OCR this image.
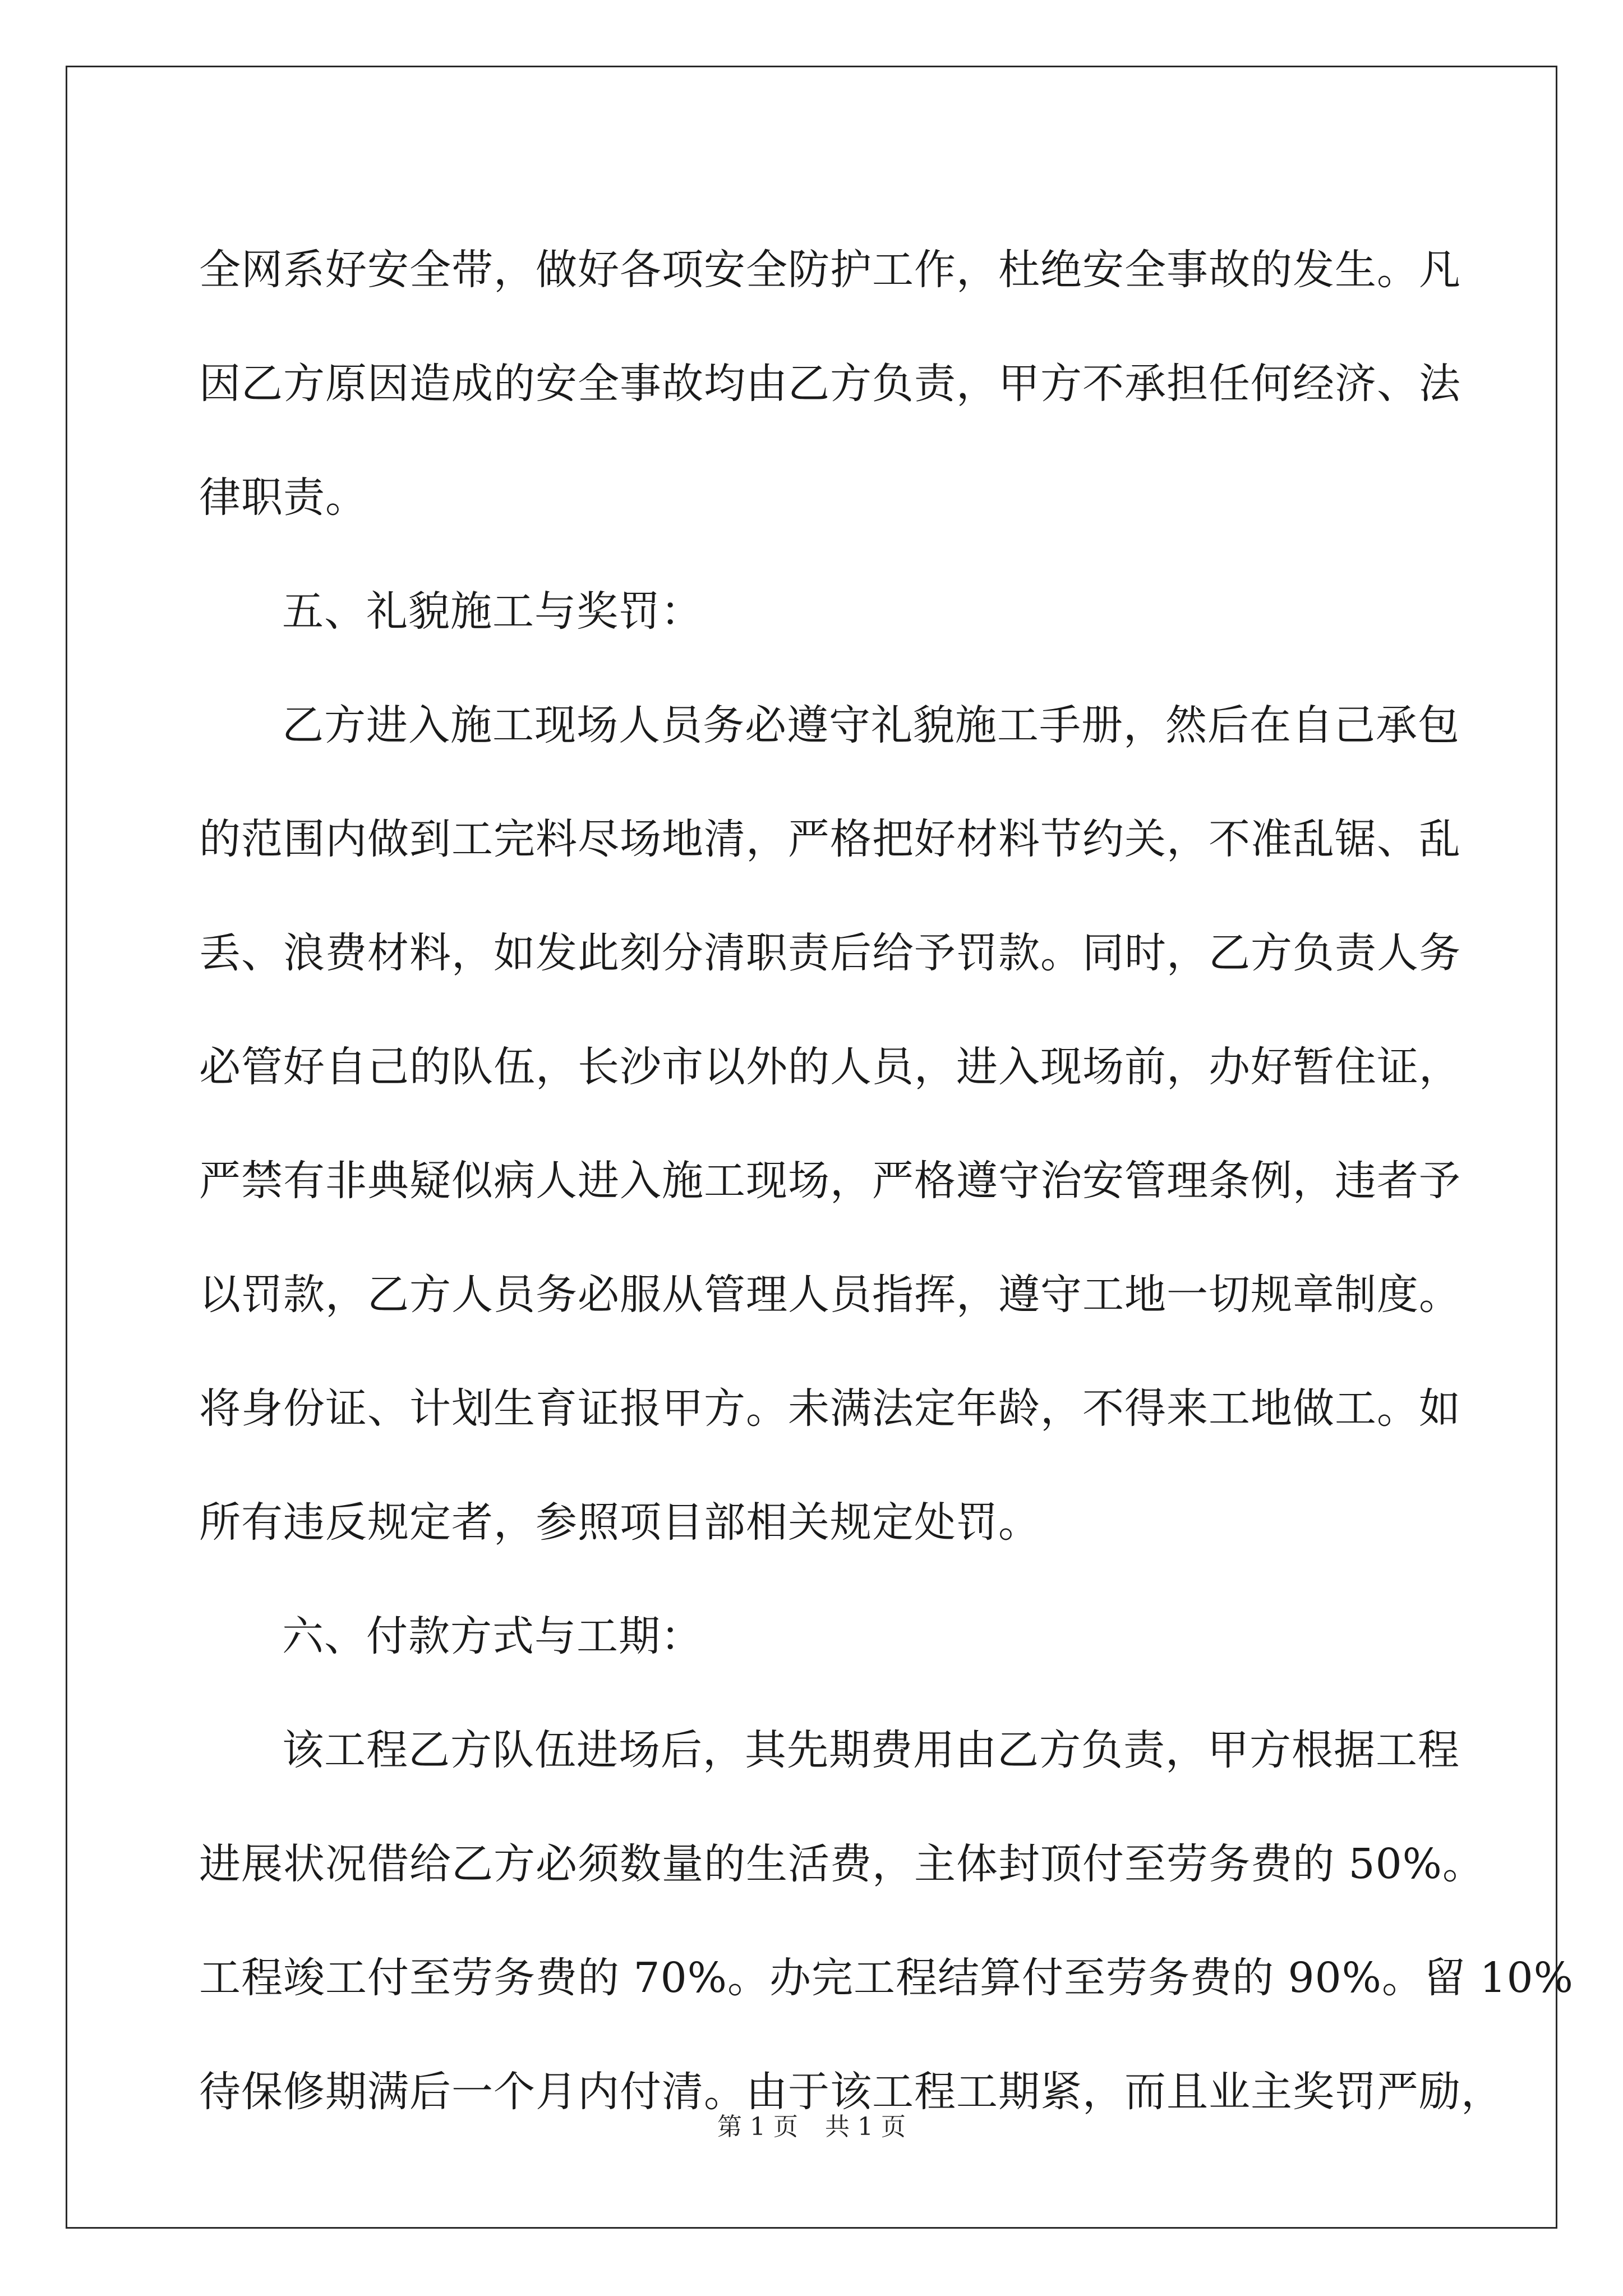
全网系好安全带，做好各项安全防护工作，杜绝安全事故的发生。凡
因乙方原因造成的安全事故均由乙方负责，甲方不承担任何经济、法
律职责。
五、礼貌施工与奖罚：
乙方进入施工现场人员务必遵守礼貌施工手册，然后在自己承包
的范围内做到工完料尽场地清，严格把好材料节约关，不准乱锯、乱
丢、浪费材料，如发此刻分清职责后给予罚款。同时，乙方负责人务
必管好自己的队伍，长沙市以外的人员，进入现场前，办好暂住证，
严禁有非典疑似病人进入施工现场，严格遵守治安管理条例，违者予
以罚款，乙方人员务必服从管理人员指挥，遵守工地一切规章制度。
将身份证、计划生育证报甲方。未满法定年龄，不得来工地做工。如
所有违反规定者，参照项目部相关规定处罚。
六、付款方式与工期：
该工程乙方队伍进场后，其先期费用由乙方负责，甲方根据工程
进展状况借给乙方必须数量的生活费，主体封顶付至劳务费的 50%。
工程竣工付至劳务费的 70%。办完工程结算付至劳务费的 90%。留 10%
待保修期满后一个月内付清。由于该工程工期紧，而且业主奖罚严励，
第 1 页 共 1 页
